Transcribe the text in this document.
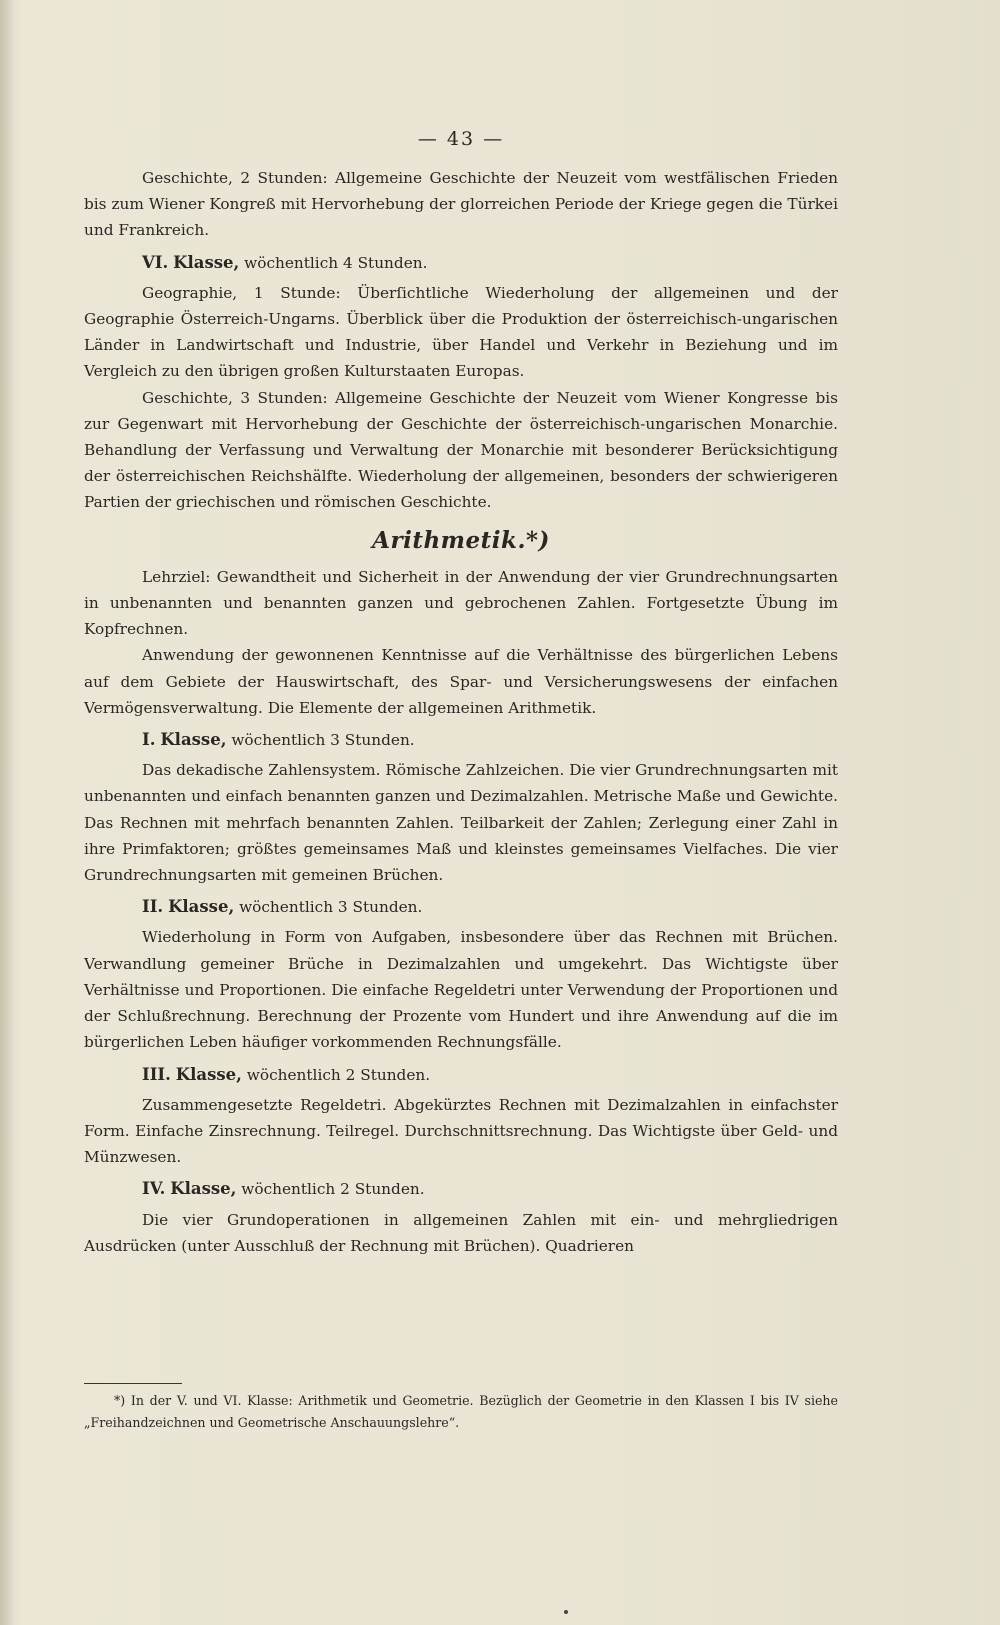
— 43 —

Geschichte, 2 Stunden: Allgemeine Geschichte der Neuzeit vom westfälischen Frieden bis zum Wiener Kongreß mit Hervorhebung der glorreichen Periode der Kriege gegen die Türkei und Frankreich.

VI. Klasse, wöchentlich 4 Stunden.

Geographie, 1 Stunde: Überſichtliche Wiederholung der allgemeinen und der Geographie Österreich-Ungarns. Überblick über die Produktion der österreichisch-ungarischen Länder in Landwirtschaft und Industrie, über Handel und Verkehr in Beziehung und im Vergleich zu den übrigen großen Kulturstaaten Europas.

Geschichte, 3 Stunden: Allgemeine Geschichte der Neuzeit vom Wiener Kongresse bis zur Gegenwart mit Hervorhebung der Geschichte der österreichisch-ungarischen Monarchie. Behandlung der Verfassung und Verwaltung der Monarchie mit besonderer Berücksichtigung der österreichischen Reichshälfte. Wiederholung der allgemeinen, besonders der schwierigeren Partien der griechischen und römischen Geschichte.

Arithmetik.*)

Lehrziel: Gewandtheit und Sicherheit in der Anwendung der vier Grundrechnungsarten in unbenannten und benannten ganzen und gebrochenen Zahlen. Fortgesetzte Übung im Kopfrechnen.

Anwendung der gewonnenen Kenntnisse auf die Verhältnisse des bürgerlichen Lebens auf dem Gebiete der Hauswirtschaft, des Spar- und Versicherungswesens der einfachen Vermögensverwaltung. Die Elemente der allgemeinen Arithmetik.

I. Klasse, wöchentlich 3 Stunden.

Das dekadische Zahlensystem. Römische Zahlzeichen. Die vier Grundrechnungsarten mit unbenannten und einfach benannten ganzen und Dezimalzahlen. Metrische Maße und Gewichte. Das Rechnen mit mehrfach benannten Zahlen. Teilbarkeit der Zahlen; Zerlegung einer Zahl in ihre Primfaktoren; größtes gemeinsames Maß und kleinstes gemeinsames Vielfaches. Die vier Grundrechnungsarten mit gemeinen Brüchen.

II. Klasse, wöchentlich 3 Stunden.

Wiederholung in Form von Aufgaben, insbesondere über das Rechnen mit Brüchen. Verwandlung gemeiner Brüche in Dezimalzahlen und umgekehrt. Das Wichtigste über Verhältnisse und Proportionen. Die einfache Regeldetri unter Verwendung der Proportionen und der Schlußrechnung. Berechnung der Prozente vom Hundert und ihre Anwendung auf die im bürgerlichen Leben häufiger vorkommenden Rechnungsfälle.

III. Klasse, wöchentlich 2 Stunden.

Zusammengesetzte Regeldetri. Abgekürztes Rechnen mit Dezimalzahlen in einfachster Form. Einfache Zinsrechnung. Teilregel. Durchschnittsrechnung. Das Wichtigste über Geld- und Münzwesen.

IV. Klasse, wöchentlich 2 Stunden.

Die vier Grundoperationen in allgemeinen Zahlen mit ein- und mehrgliedrigen Ausdrücken (unter Ausschluß der Rechnung mit Brüchen). Quadrieren

*) In der V. und VI. Klasse: Arithmetik und Geometrie. Bezüglich der Geometrie in den Klassen I bis IV siehe „Freihandzeichnen und Geometrische Anschauungslehre“.
